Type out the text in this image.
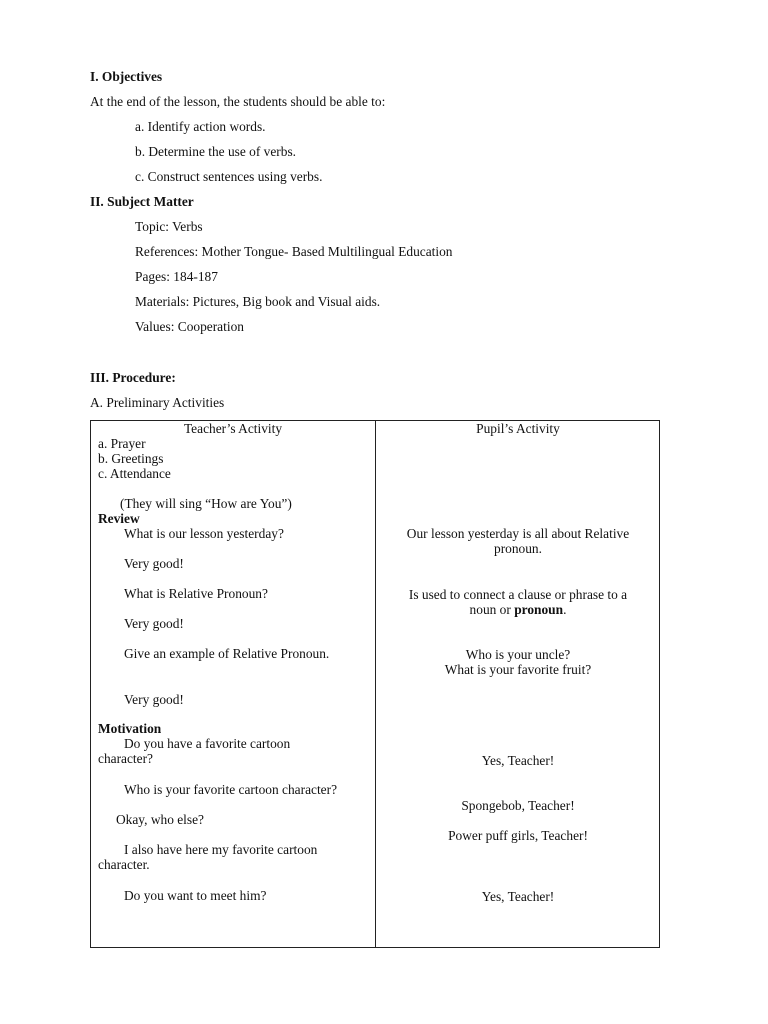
I. Objectives
At the end of the lesson, the students should be able to:
a. Identify action words.
b. Determine the use of verbs.
c. Construct sentences using verbs.
II. Subject Matter
Topic: Verbs
References: Mother Tongue- Based Multilingual Education
Pages: 184-187
Materials: Pictures, Big book and Visual aids.
Values: Cooperation
III. Procedure:
A. Preliminary Activities
Teacher’s Activity
a. Prayer
b. Greetings
c. Attendance
(They will sing “How are You”)
Review
What is our lesson yesterday?
Very good!
What is Relative Pronoun?
Very good!
Give an example of Relative Pronoun.
Very good!
Motivation
Do you have a favorite cartoon
character?
Who is your favorite cartoon character?
Okay, who else?
I also have here my favorite cartoon
character.
Do you want to meet him?
Pupil’s Activity
Our lesson yesterday is all about Relative
pronoun.
Is used to connect a clause or phrase to a
noun or pronoun.
Who is your uncle?
What is your favorite fruit?
Yes, Teacher!
Spongebob, Teacher!
Power puff girls, Teacher!
Yes, Teacher!
